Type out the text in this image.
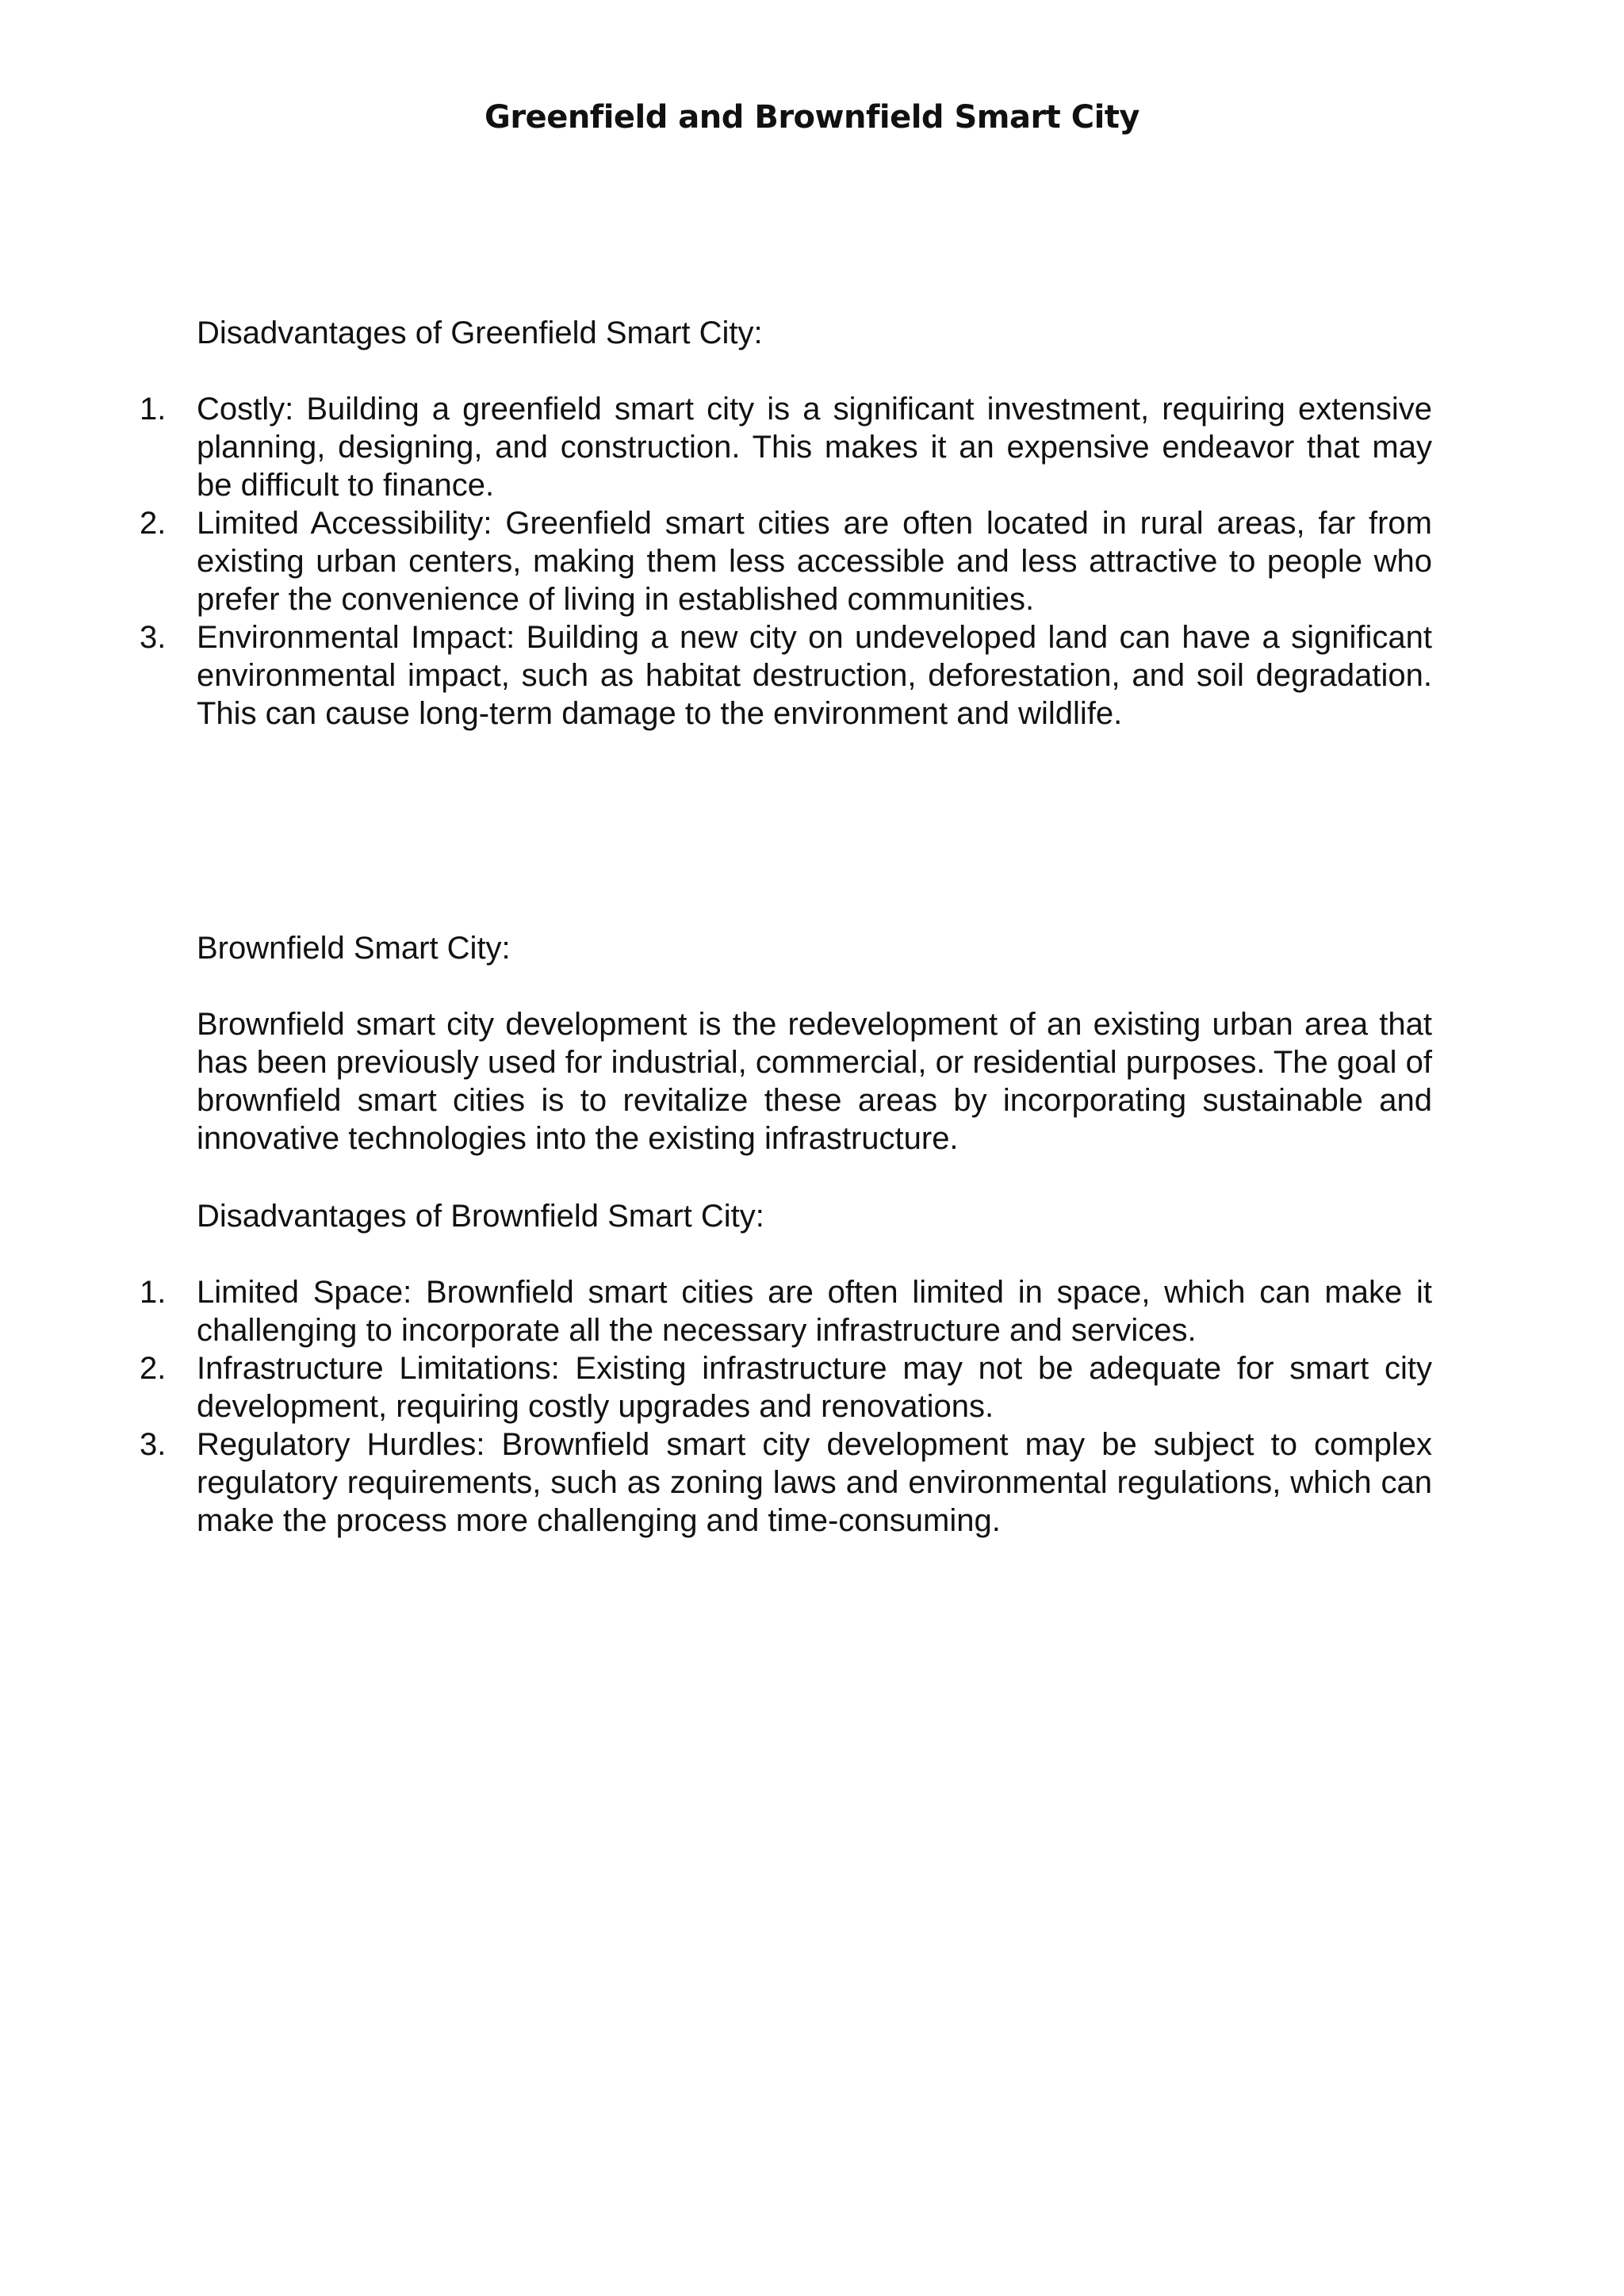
Greenfield and Brownfield Smart City
Disadvantages of Greenfield Smart City:
1. Costly: Building a greenfield smart city is a significant investment, requiring extensive planning, designing, and construction. This makes it an expensive endeavor that may be difficult to finance.
2. Limited Accessibility: Greenfield smart cities are often located in rural areas, far from existing urban centers, making them less accessible and less attractive to people who prefer the convenience of living in established communities.
3. Environmental Impact: Building a new city on undeveloped land can have a significant environmental impact, such as habitat destruction, deforestation, and soil degradation. This can cause long-term damage to the environment and wildlife.
Brownfield Smart City:
Brownfield smart city development is the redevelopment of an existing urban area that has been previously used for industrial, commercial, or residential purposes. The goal of brownfield smart cities is to revitalize these areas by incorporating sustainable and innovative technologies into the existing infrastructure.
Disadvantages of Brownfield Smart City:
1. Limited Space: Brownfield smart cities are often limited in space, which can make it challenging to incorporate all the necessary infrastructure and services.
2. Infrastructure Limitations: Existing infrastructure may not be adequate for smart city development, requiring costly upgrades and renovations.
3. Regulatory Hurdles: Brownfield smart city development may be subject to complex regulatory requirements, such as zoning laws and environmental regulations, which can make the process more challenging and time-consuming.
